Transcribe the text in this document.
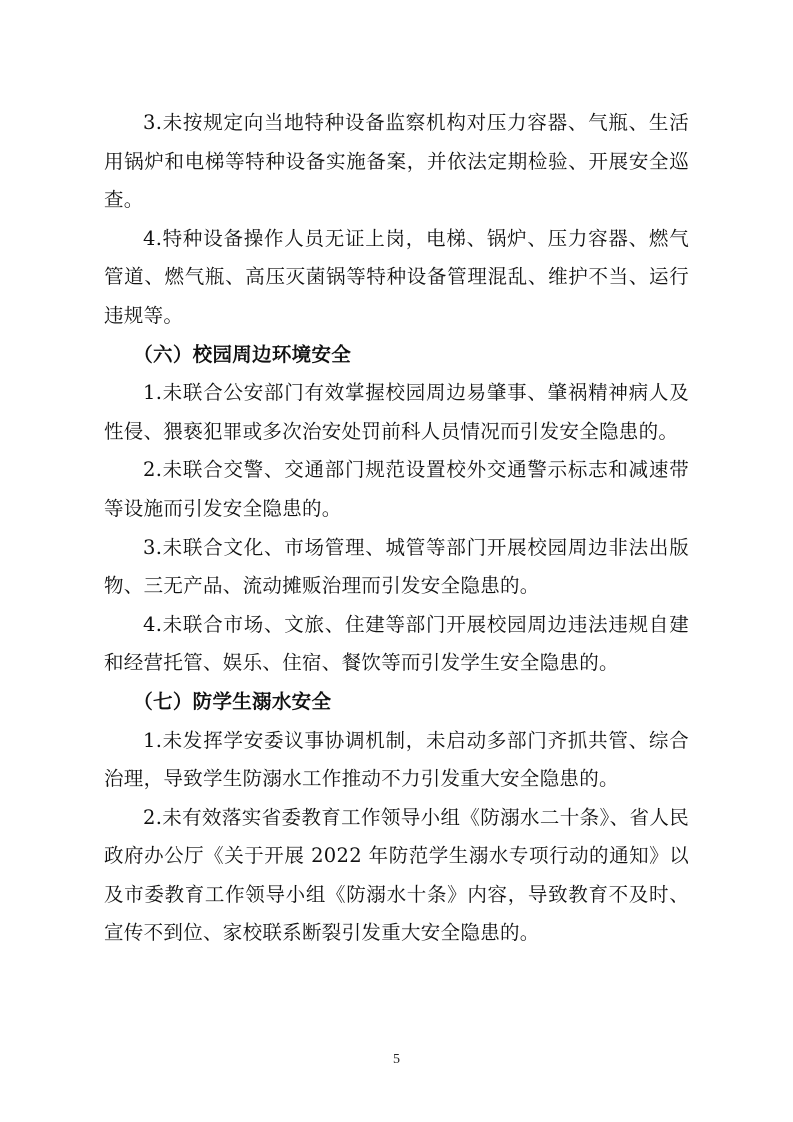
3.未按规定向当地特种设备监察机构对压力容器、气瓶、生活用锅炉和电梯等特种设备实施备案，并依法定期检验、开展安全巡查。

4.特种设备操作人员无证上岗，电梯、锅炉、压力容器、燃气管道、燃气瓶、高压灭菌锅等特种设备管理混乱、维护不当、运行违规等。

（六）校园周边环境安全

1.未联合公安部门有效掌握校园周边易肇事、肇祸精神病人及性侵、猥亵犯罪或多次治安处罚前科人员情况而引发安全隐患的。

2.未联合交警、交通部门规范设置校外交通警示标志和减速带等设施而引发安全隐患的。

3.未联合文化、市场管理、城管等部门开展校园周边非法出版物、三无产品、流动摊贩治理而引发安全隐患的。

4.未联合市场、文旅、住建等部门开展校园周边违法违规自建和经营托管、娱乐、住宿、餐饮等而引发学生安全隐患的。

（七）防学生溺水安全

1.未发挥学安委议事协调机制，未启动多部门齐抓共管、综合治理，导致学生防溺水工作推动不力引发重大安全隐患的。

2.未有效落实省委教育工作领导小组《防溺水二十条》、省人民政府办公厅《关于开展 2022 年防范学生溺水专项行动的通知》以及市委教育工作领导小组《防溺水十条》内容，导致教育不及时、宣传不到位、家校联系断裂引发重大安全隐患的。

5
